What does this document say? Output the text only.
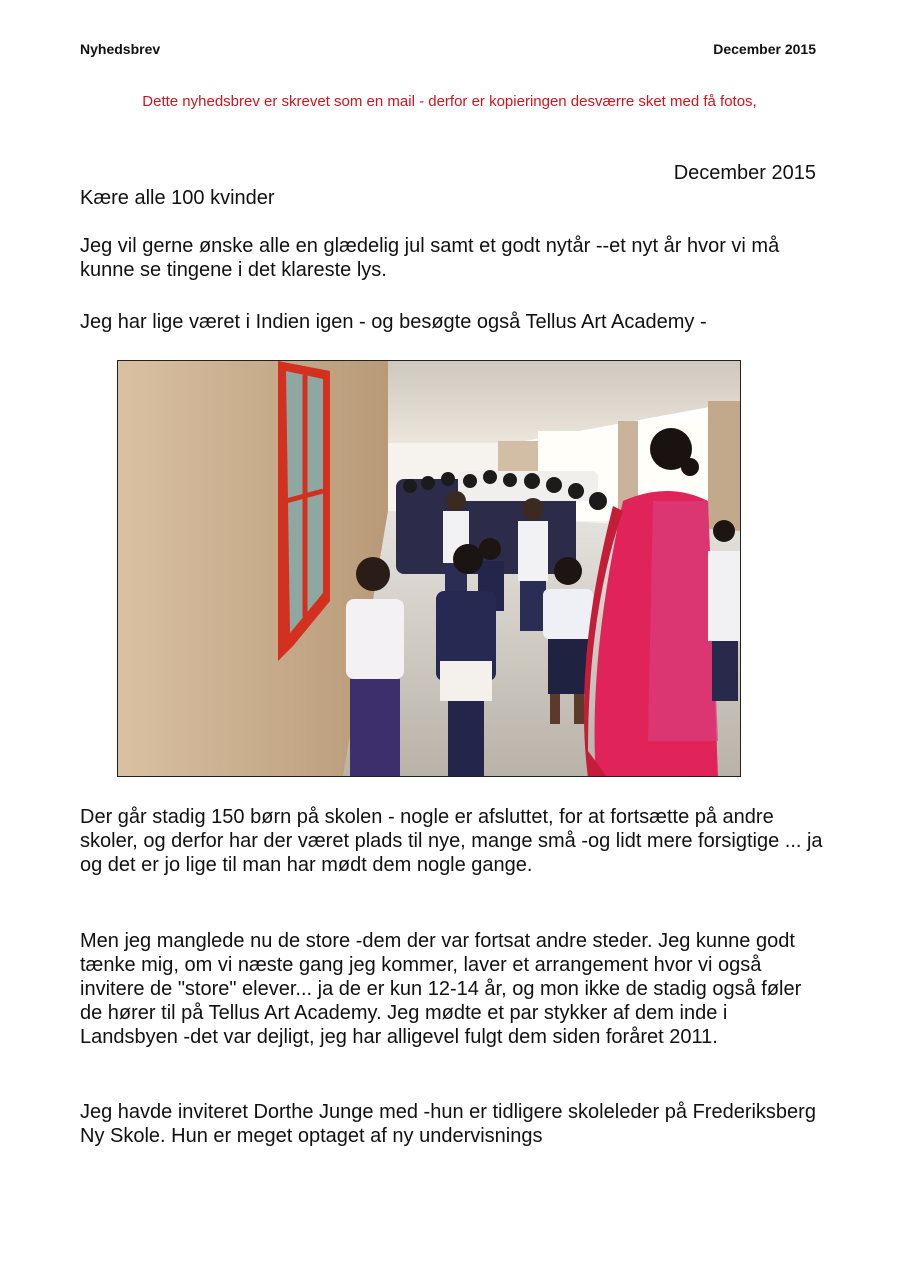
Nyhedsbrev	December 2015
Dette nyhedsbrev er skrevet som en mail - derfor er kopieringen desværre sket med få fotos,
December 2015

Kære alle 100 kvinder

Jeg vil gerne ønske alle en glædelig jul samt et godt nytår --et nyt år hvor vi må kunne se tingene i det klareste lys.

Jeg har lige været i Indien igen - og besøgte også Tellus Art Academy -

Der går stadig 150 børn på skolen - nogle er afsluttet, for at fortsætte på andre skoler, og derfor har der været plads til nye, mange små -og lidt mere forsigtige ... ja og det er jo lige til man har mødt dem nogle gange.

Men jeg manglede nu de store -dem der var fortsat andre steder. Jeg kunne godt tænke mig, om vi næste gang jeg kommer, laver et arrangement hvor vi også invitere de "store" elever... ja de er kun 12-14 år, og mon ikke de stadig også føler de hører til på Tellus Art Academy. Jeg mødte et par stykker af dem inde i Landsbyen -det var dejligt, jeg har alligevel fulgt dem siden foråret 2011.

Jeg havde inviteret Dorthe Junge med -hun er tidligere skoleleder på Frederiksberg Ny Skole. Hun er meget optaget af ny undervisnings
